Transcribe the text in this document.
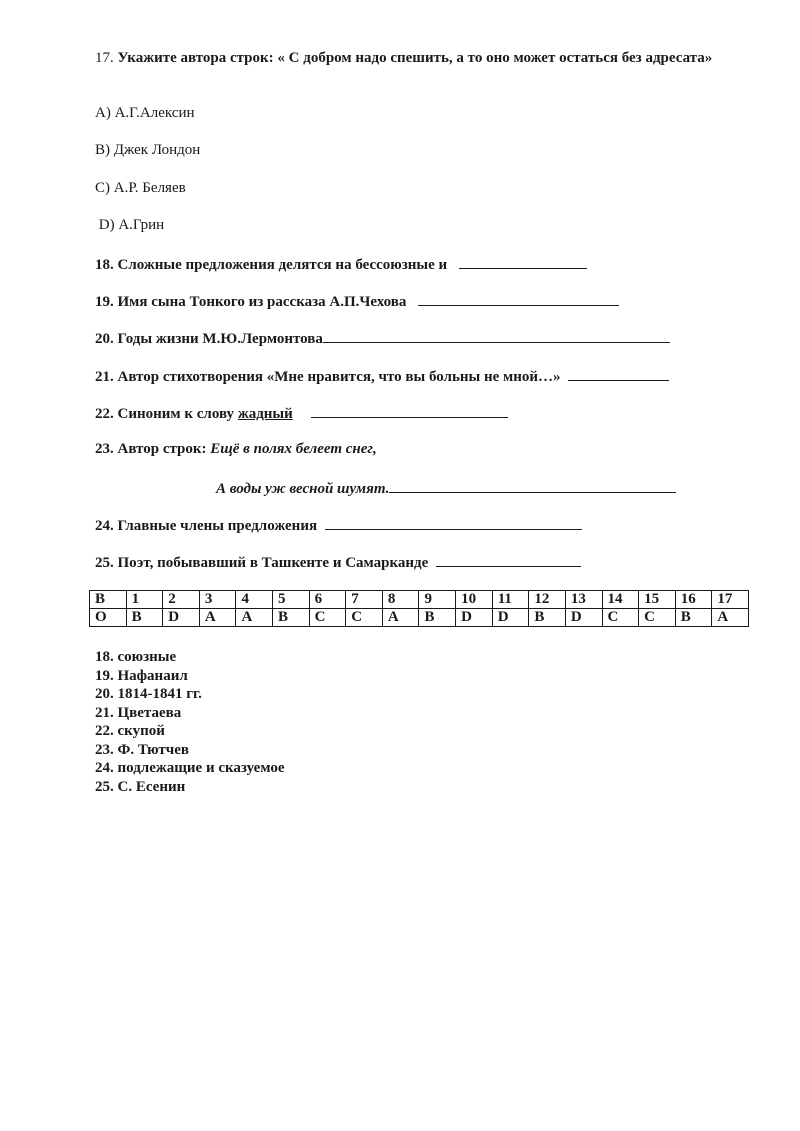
17. Укажите автора строк: « С добром надо спешить, а то оно может остаться без адресата»
A) А.Г.Алексин
B) Джек Лондон
C) А.Р. Беляев
D) А.Грин
18. Сложные предложения делятся на бессоюзные и
19. Имя сына Тонкого из рассказа А.П.Чехова
20. Годы жизни М.Ю.Лермонтова
21. Автор стихотворения «Мне нравится, что вы больны не мной…»
22. Синоним к слову жадный
23. Автор строк: Ещё в полях белеет снег,
А воды уж весной шумят.
24. Главные члены предложения
25. Поэт, побывавший в Ташкенте и Самарканде
B	1	2	3	4	5	6	7	8	9	10	11	12	13	14	15	16	17
O	B	D	A	A	B	C	C	A	B	D	D	B	D	C	C	B	A
18. союзные
19. Нафанаил
20. 1814-1841 гг.
21. Цветаева
22. скупой
23. Ф. Тютчев
24. подлежащие и сказуемое
25. С. Есенин
